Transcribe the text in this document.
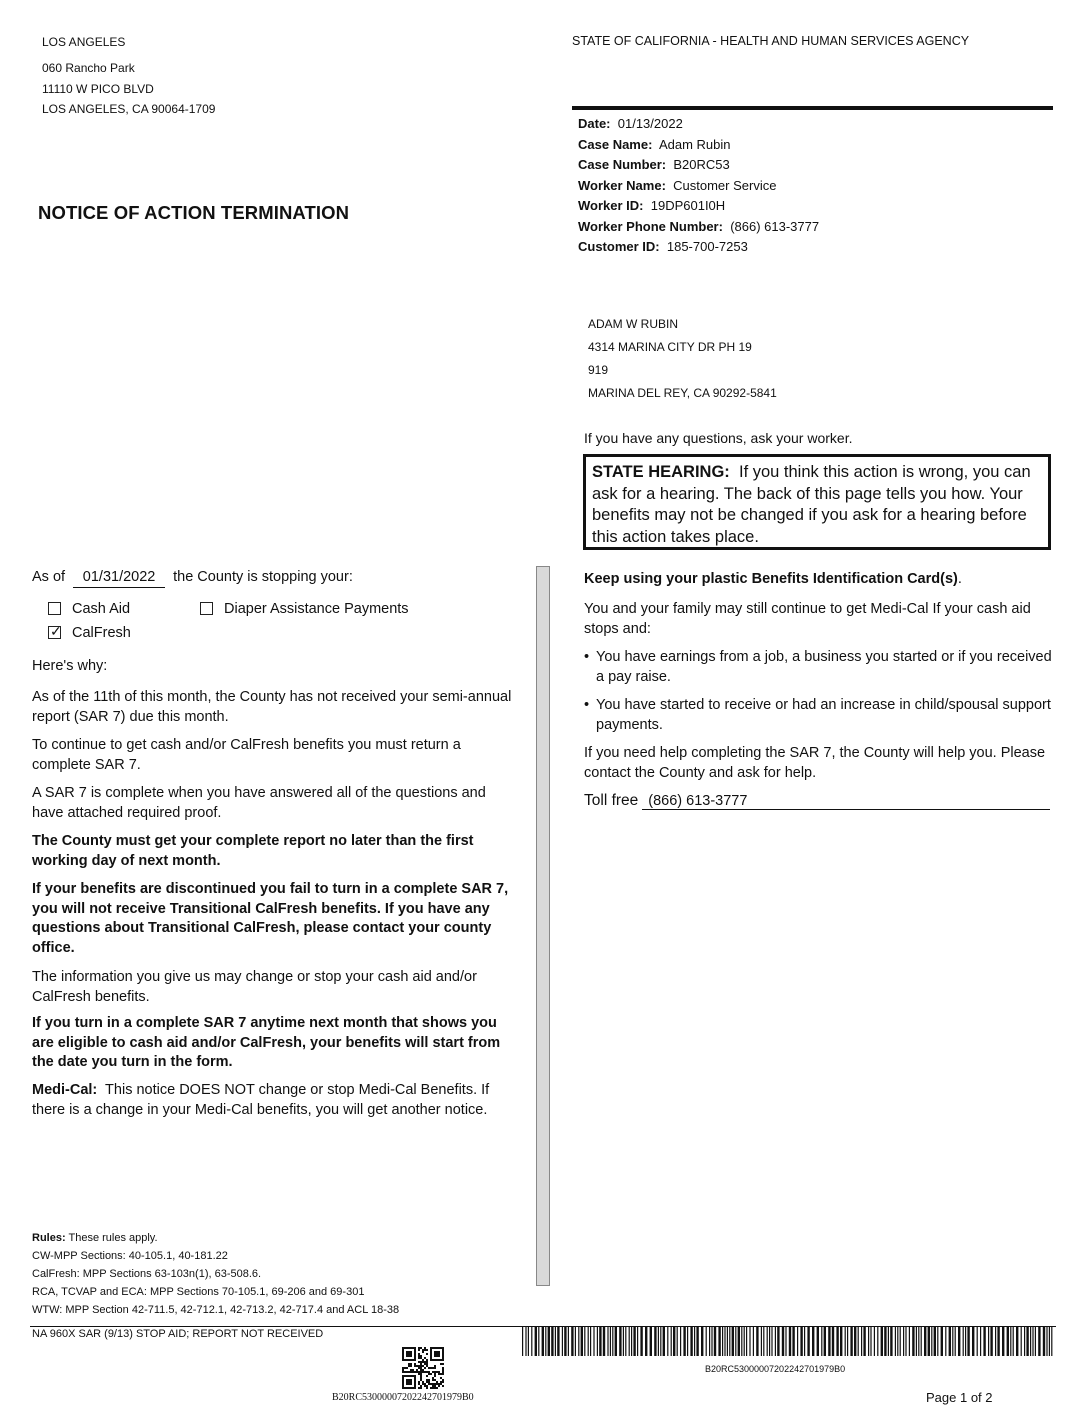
LOS ANGELES
060 Rancho Park
11110 W PICO BLVD
LOS ANGELES, CA 90064-1709
STATE OF CALIFORNIA - HEALTH AND HUMAN SERVICES AGENCY
Date: 01/13/2022
Case Name: Adam Rubin
Case Number: B20RC53
Worker Name: Customer Service
Worker ID: 19DP601I0H
Worker Phone Number: (866) 613-3777
Customer ID: 185-700-7253
NOTICE OF ACTION TERMINATION
ADAM W RUBIN
4314 MARINA CITY DR PH 19
919
MARINA DEL REY, CA 90292-5841
If you have any questions, ask your worker.
STATE HEARING: If you think this action is wrong, you can ask for a hearing. The back of this page tells you how. Your benefits may not be changed if you ask for a hearing before this action takes place.
As of 01/31/2022 the County is stopping your:
Cash Aid	Diaper Assistance Payments
✓ CalFresh
Here's why:
As of the 11th of this month, the County has not received your semi-annual report (SAR 7) due this month.
To continue to get cash and/or CalFresh benefits you must return a complete SAR 7.
A SAR 7 is complete when you have answered all of the questions and have attached required proof.
The County must get your complete report no later than the first working day of next month.
If your benefits are discontinued you fail to turn in a complete SAR 7, you will not receive Transitional CalFresh benefits. If you have any questions about Transitional CalFresh, please contact your county office.
The information you give us may change or stop your cash aid and/or CalFresh benefits.
If you turn in a complete SAR 7 anytime next month that shows you are eligible to cash aid and/or CalFresh, your benefits will start from the date you turn in the form.
Medi-Cal: This notice DOES NOT change or stop Medi-Cal Benefits. If there is a change in your Medi-Cal benefits, you will get another notice.
Keep using your plastic Benefits Identification Card(s).
You and your family may still continue to get Medi-Cal If your cash aid stops and:
• You have earnings from a job, a business you started or if you received a pay raise.
• You have started to receive or had an increase in child/spousal support payments.
If you need help completing the SAR 7, the County will help you. Please contact the County and ask for help.
Toll free (866) 613-3777
Rules: These rules apply.
CW-MPP Sections: 40-105.1, 40-181.22
CalFresh: MPP Sections 63-103n(1), 63-508.6.
RCA, TCVAP and ECA: MPP Sections 70-105.1, 69-206 and 69-301
WTW: MPP Section 42-711.5, 42-712.1, 42-713.2, 42-717.4 and ACL 18-38
NA 960X SAR (9/13) STOP AID; REPORT NOT RECEIVED
B20RC53000007202242701979B0
B20RC53000007202242701979B0	Page 1 of 2
